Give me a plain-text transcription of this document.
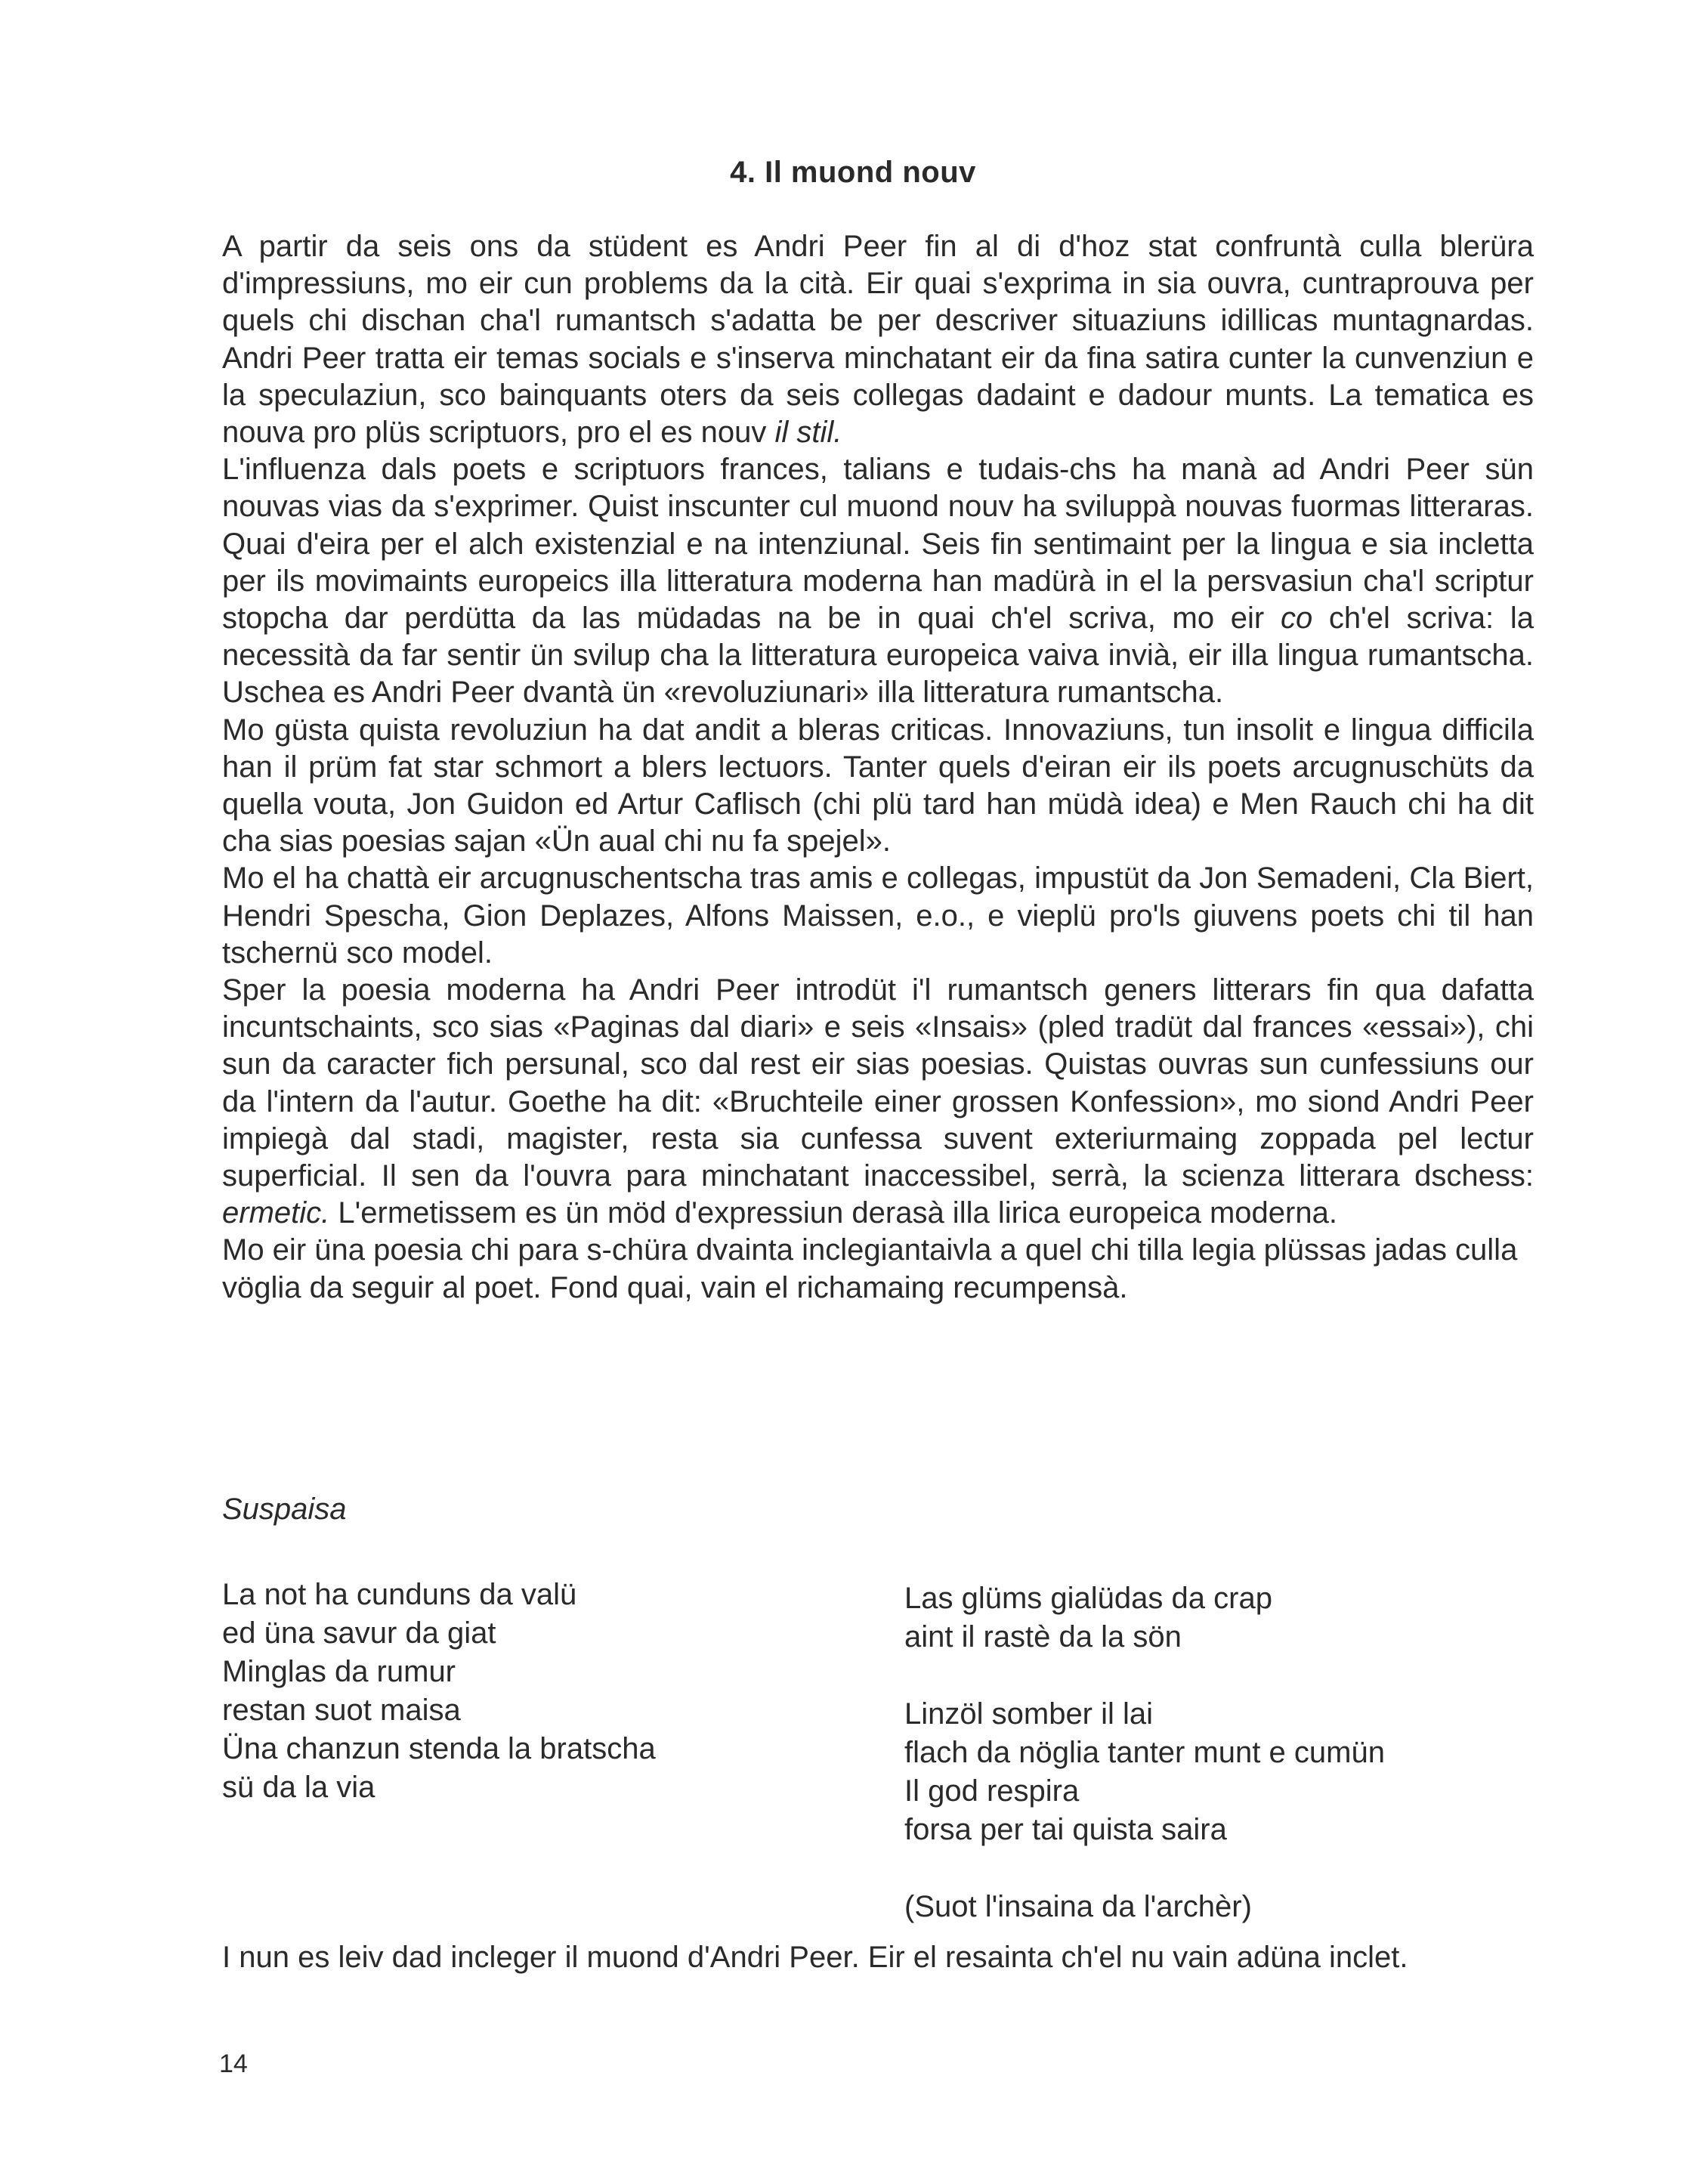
4. Il muond nouv

A partir da seis ons da stüdent es Andri Peer fin al di d'hoz stat confruntà culla blerüra d'impressiuns, mo eir cun problems da la cità. Eir quai s'exprima in sia ouvra, cuntraprouva per quels chi dischan cha'l rumantsch s'adatta be per descriver situaziuns idillicas muntagnardas. Andri Peer tratta eir temas socials e s'inserva minchatant eir da fina satira cunter la cunvenziun e la speculaziun, sco bainquants oters da seis collegas dadaint e dadour munts. La tematica es nouva pro plüs scriptuors, pro el es nouv il stil.

L'influenza dals poets e scriptuors frances, talians e tudais-chs ha manà ad Andri Peer sün nouvas vias da s'exprimer. Quist inscunter cul muond nouv ha sviluppà nouvas fuormas litteraras. Quai d'eira per el alch existenzial e na intenziunal. Seis fin sentimaint per la lingua e sia incletta per ils movimaints europeics illa litteratura moderna han madürà in el la persvasiun cha'l scriptur stopcha dar perdütta da las müdadas na be in quai ch'el scriva, mo eir co ch'el scriva: la necessità da far sentir ün svilup cha la litteratura europeica vaiva invià, eir illa lingua rumantscha. Uschea es Andri Peer dvantà ün «revoluziunari» illa litteratura rumantscha.

Mo güsta quista revoluziun ha dat andit a bleras criticas. Innovaziuns, tun insolit e lingua difficila han il prüm fat star schmort a blers lectuors. Tanter quels d'eiran eir ils poets arcugnuschüts da quella vouta, Jon Guidon ed Artur Caflisch (chi plü tard han müdà idea) e Men Rauch chi ha dit cha sias poesias sajan «Ün aual chi nu fa spejel».

Mo el ha chattà eir arcugnuschentscha tras amis e collegas, impustüt da Jon Semadeni, Cla Biert, Hendri Spescha, Gion Deplazes, Alfons Maissen, e.o., e vieplü pro'ls giuvens poets chi til han tschernü sco model.

Sper la poesia moderna ha Andri Peer introdüt i'l rumantsch geners litterars fin qua dafatta incuntschaints, sco sias «Paginas dal diari» e seis «Insais» (pled tradüt dal frances «essai»), chi sun da caracter fich persunal, sco dal rest eir sias poesias. Quistas ouvras sun cunfessiuns our da l'intern da l'autur. Goethe ha dit: «Bruchteile einer grossen Konfession», mo siond Andri Peer impiegà dal stadi, magister, resta sia cunfessa suvent exteriurmaing zoppada pel lectur superficial. Il sen da l'ouvra para minchatant inaccessibel, serrà, la scienza litterara dschess: ermetic. L'ermetissem es ün möd d'expressiun derasà illa lirica europeica moderna.

Mo eir üna poesia chi para s-chüra dvainta inclegiantaivla a quel chi tilla legia plüssas jadas culla vöglia da seguir al poet. Fond quai, vain el richamaing recumpensà.

Suspaisa
La not ha cunduns da valü
ed üna savur da giat
Minglas da rumur
restan suot maisa
Üna chanzun stenda la bratscha
sü da la via
Las glüms gialüdas da crap
aint il rastè da la sön
Linzöl somber il lai
flach da nöglia tanter munt e cumün
Il god respira
forsa per tai quista saira
(Suot l'insaina da l'archèr)
I nun es leiv dad incleger il muond d'Andri Peer. Eir el resainta ch'el nu vain adüna inclet.
14
